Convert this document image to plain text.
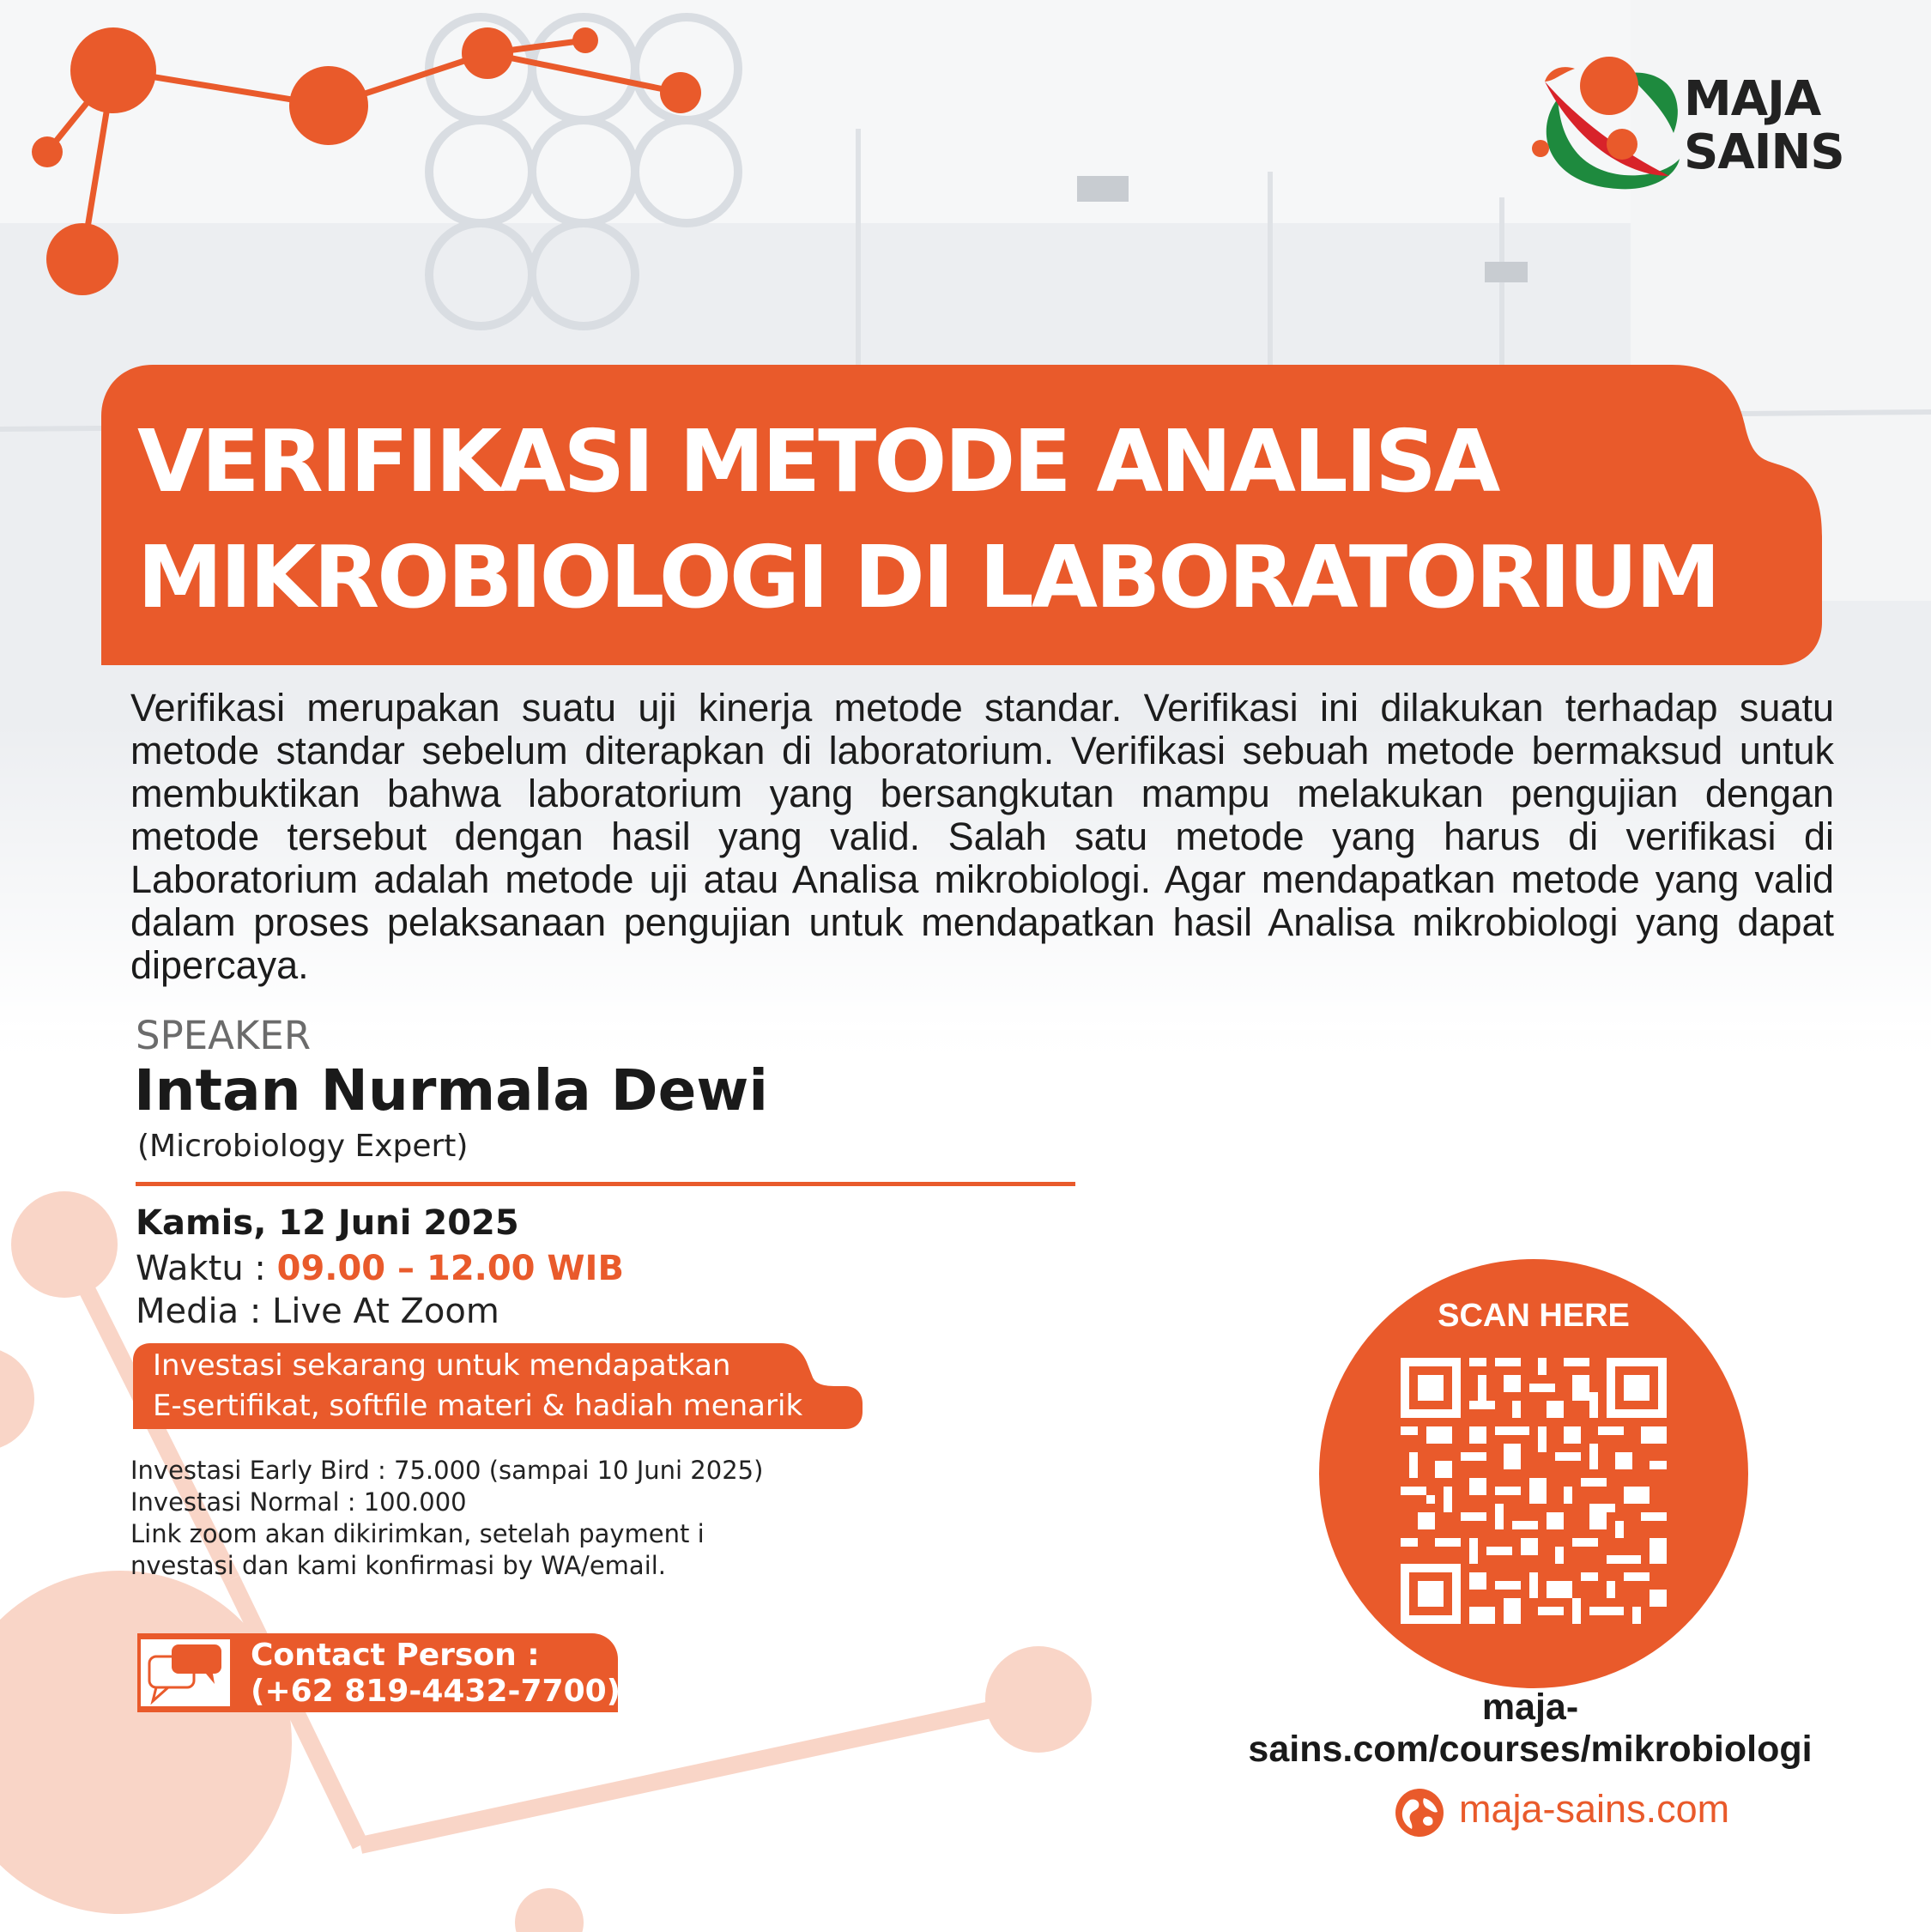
MAJA
SAINS
VERIFIKASI METODE ANALISA
MIKROBIOLOGI DI LABORATORIUM
Verifikasi merupakan suatu uji kinerja metode standar. Verifikasi ini dilakukan terhadap suatu metode standar sebelum diterapkan di laboratorium. Verifikasi sebuah metode bermaksud untuk membuktikan bahwa laboratorium yang bersangkutan mampu melakukan pengujian dengan metode tersebut dengan hasil yang valid. Salah satu metode yang harus di verifikasi di Laboratorium adalah metode uji atau Analisa mikrobiologi. Agar mendapatkan metode yang valid dalam proses pelaksanaan pengujian untuk mendapatkan hasil Analisa mikrobiologi yang dapat dipercaya.
SPEAKER
Intan Nurmala Dewi
(Microbiology Expert)
Kamis, 12 Juni 2025
Waktu : 09.00 – 12.00 WIB
Media : Live At Zoom
Investasi sekarang untuk mendapatkan
E-sertifikat, softfile materi & hadiah menarik
Investasi Early Bird : 75.000 (sampai 10 Juni 2025)
Investasi Normal : 100.000
Link zoom akan dikirimkan, setelah payment i
nvestasi dan kami konfirmasi by WA/email.
Contact Person :
(+62 819-4432-7700)
SCAN HERE
maja-sains.com/courses/mikrobiologi
maja-sains.com
